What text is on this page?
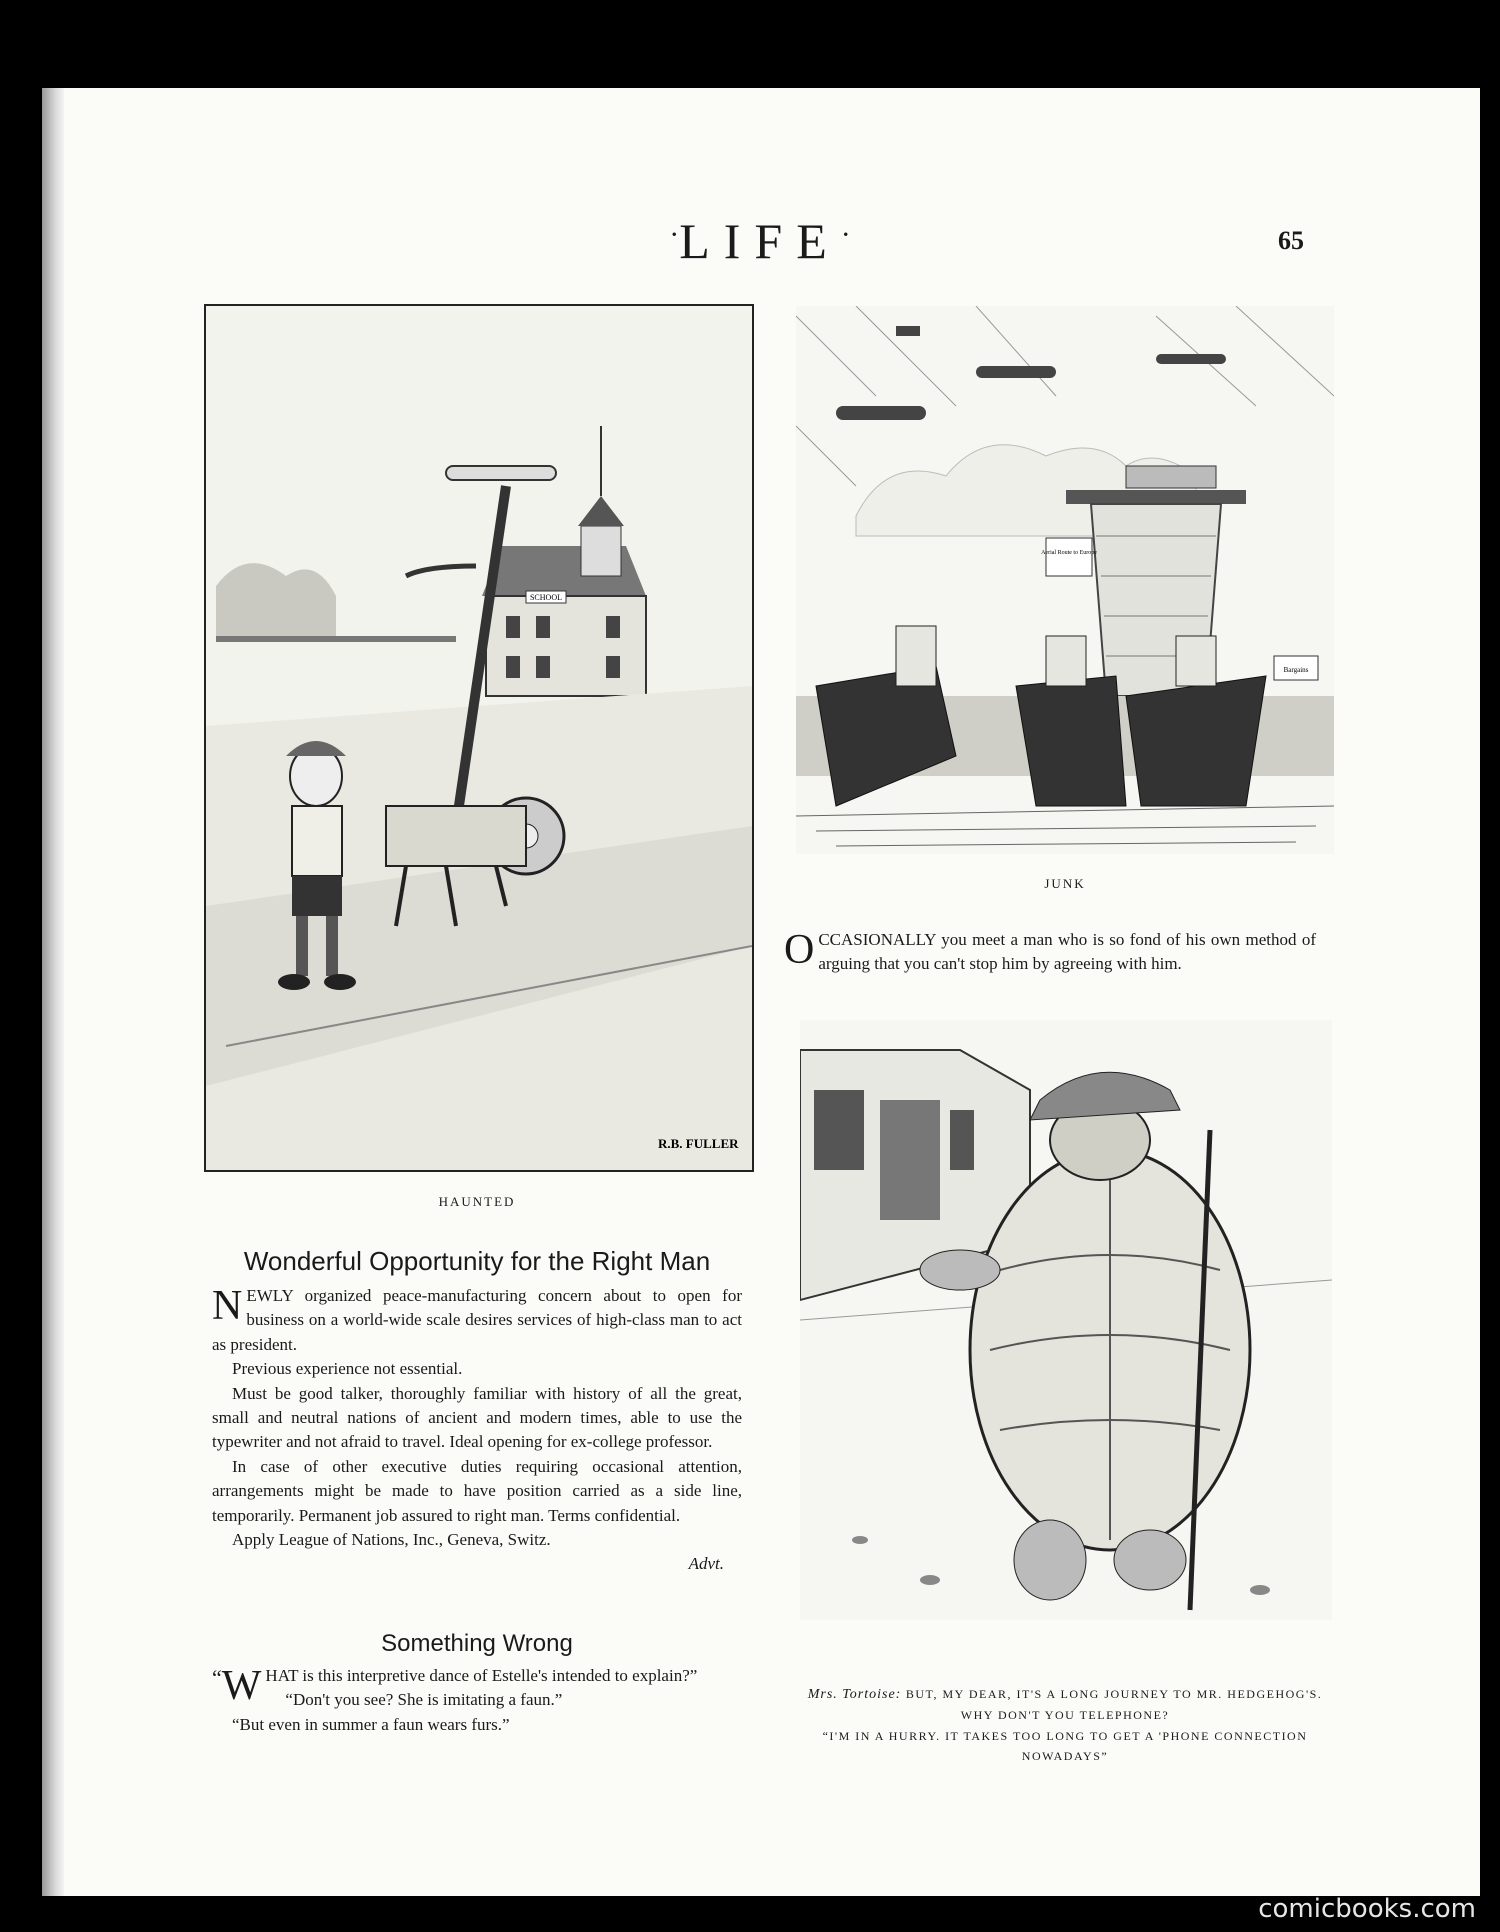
·LIFE·	65
SCHOOL
R.B. FULLER
HAUNTED
Aerial Route to Europe
Bargains
JUNK
OCCASIONALLY you meet a man who is so fond of his own method of arguing that you can't stop him by agreeing with him.
Mrs. Tortoise: BUT, MY DEAR, IT'S A LONG JOURNEY TO MR. HEDGEHOG'S. WHY DON'T YOU TELEPHONE?
“I'M IN A HURRY. IT TAKES TOO LONG TO GET A 'PHONE CONNECTION NOWADAYS”
Wonderful Opportunity for the Right Man

NEWLY organized peace-manufacturing concern about to open for business on a world-wide scale desires services of high-class man to act as president.

Previous experience not essential.

Must be good talker, thoroughly familiar with history of all the great, small and neutral nations of ancient and modern times, able to use the typewriter and not afraid to travel. Ideal opening for ex-college professor.

In case of other executive duties requiring occasional attention, arrangements might be made to have position carried as a side line, temporarily. Permanent job assured to right man. Terms confidential.

Apply League of Nations, Inc., Geneva, Switz.

Advt.
Something Wrong

“ W HAT is this interpretive dance of Estelle's intended to explain?”

“Don't you see? She is imitating a faun.”

“But even in summer a faun wears furs.”

comicbooks.com
